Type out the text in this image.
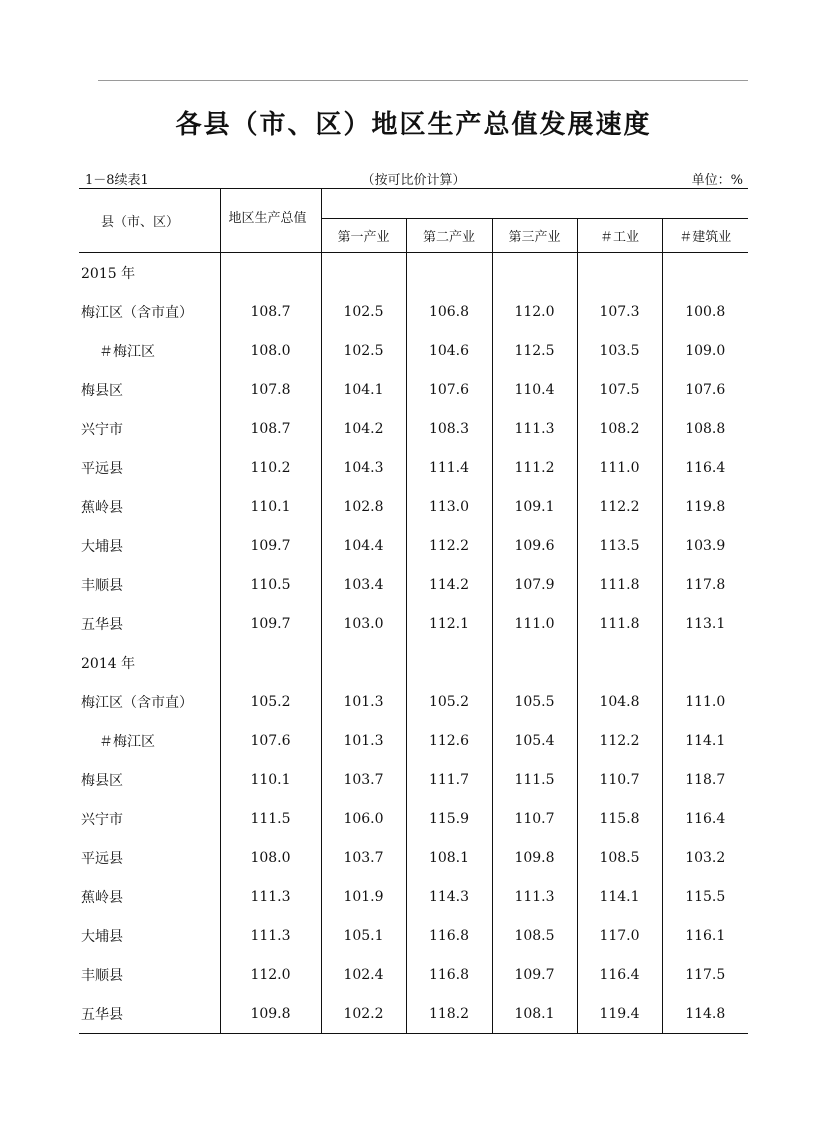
各县（市、区）地区生产总值发展速度
1－8续表1	（按可比价计算）	单位：%
县（市、区）	地区生产总值					
		第一产业	第二产业	第三产业	＃工业	＃建筑业
2015 年						
梅江区（含市直）	108.7	102.5	106.8	112.0	107.3	100.8
＃梅江区	108.0	102.5	104.6	112.5	103.5	109.0
梅县区	107.8	104.1	107.6	110.4	107.5	107.6
兴宁市	108.7	104.2	108.3	111.3	108.2	108.8
平远县	110.2	104.3	111.4	111.2	111.0	116.4
蕉岭县	110.1	102.8	113.0	109.1	112.2	119.8
大埔县	109.7	104.4	112.2	109.6	113.5	103.9
丰顺县	110.5	103.4	114.2	107.9	111.8	117.8
五华县	109.7	103.0	112.1	111.0	111.8	113.1
2014 年						
梅江区（含市直）	105.2	101.3	105.2	105.5	104.8	111.0
＃梅江区	107.6	101.3	112.6	105.4	112.2	114.1
梅县区	110.1	103.7	111.7	111.5	110.7	118.7
兴宁市	111.5	106.0	115.9	110.7	115.8	116.4
平远县	108.0	103.7	108.1	109.8	108.5	103.2
蕉岭县	111.3	101.9	114.3	111.3	114.1	115.5
大埔县	111.3	105.1	116.8	108.5	117.0	116.1
丰顺县	112.0	102.4	116.8	109.7	116.4	117.5
五华县	109.8	102.2	118.2	108.1	119.4	114.8
